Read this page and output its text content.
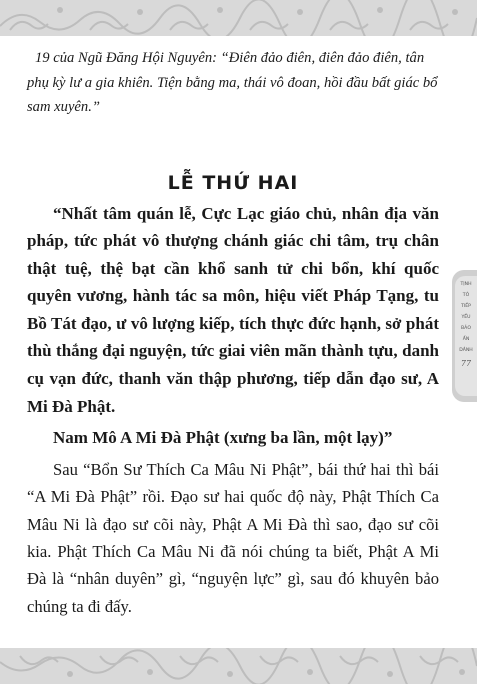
19 của Ngũ Đăng Hội Nguyên: “Điên đảo điên, điên đảo điên, tân phụ kỳ lư a gia khiên. Tiện bằng ma, thái vô đoan, hồi đầu bất giác bổ sam xuyên.”

LỄ THỨ HAI

“Nhất tâm quán lễ, Cực Lạc giáo chủ, nhân địa văn pháp, tức phát vô thượng chánh giác chi tâm, trụ chân thật tuệ, thệ bạt cần khổ sanh tử chi bổn, khí quốc quyên vương, hành tác sa môn, hiệu viết Pháp Tạng, tu Bồ Tát đạo, ư vô lượng kiếp, tích thực đức hạnh, sở phát thù thắng đại nguyện, tức giai viên mãn thành tựu, danh cụ vạn đức, thanh văn thập phương, tiếp dẫn đạo sư, A Mi Đà Phật.

Nam Mô A Mi Đà Phật (xưng ba lần, một lạy)”

Sau “Bổn Sư Thích Ca Mâu Ni Phật”, bái thứ hai thì bái “A Mi Đà Phật” rồi. Đạo sư hai quốc độ này, Phật Thích Ca Mâu Ni là đạo sư cõi này, Phật A Mi Đà thì sao, đạo sư cõi kia. Phật Thích Ca Mâu Ni đã nói chúng ta biết, Phật A Mi Đà là “nhân duyên” gì, “nguyện lực” gì, sau đó khuyên bảo chúng ta đi đấy.

TỊNH
TÔ
TIẾP
YẾU
BẢO
ẤN
DÂNH
77
